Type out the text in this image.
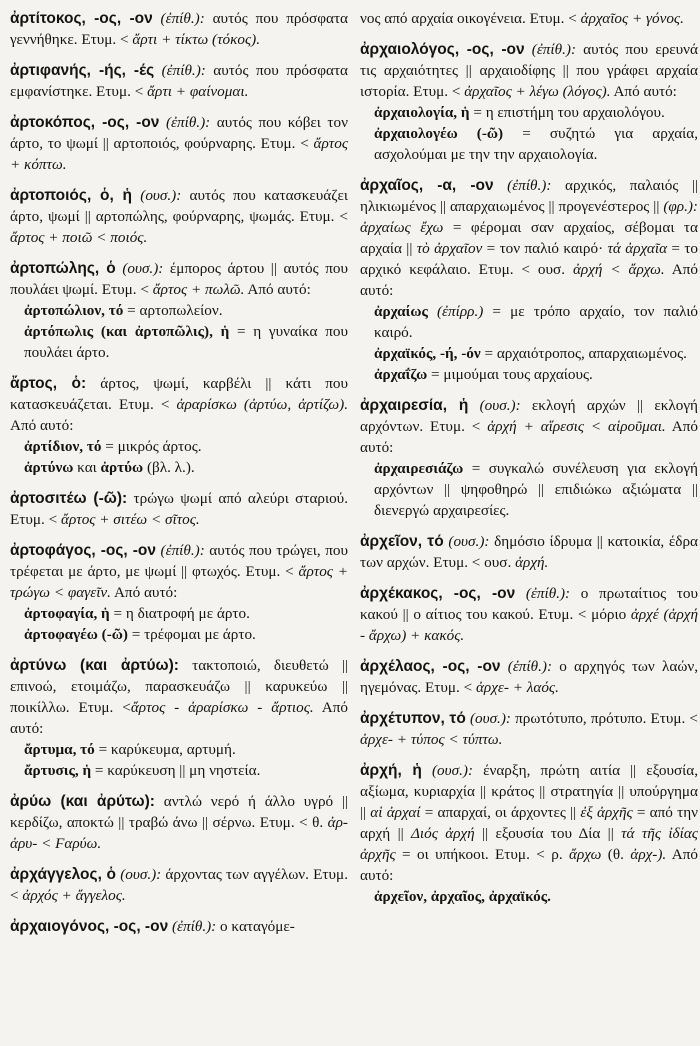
ἀρτίτοκος, -ος, -ον (ἐπίθ.): αυτός που πρόσφατα γεννήθηκε. Ετυμ. < ἄρτι + τίκτω (τόκος).
ἀρτιφανής, -ής, -ές (ἐπίθ.): αυτός που πρόσφατα εμφανίστηκε. Ετυμ. < ἄρτι + φαίνομαι.
ἀρτοκόπος, -ος, -ον (ἐπίθ.): αυτός που κόβει τον άρτο, το ψωμί || αρτοποιός, φούρναρης. Ετυμ. < ἄρτος + κόπτω.
ἀρτοποιός, ὁ, ἡ (ουσ.): αυτός που κατασκευάζει άρτο, ψωμί || αρτοπώλης, φούρναρης, ψωμάς. Ετυμ. < ἄρτος + ποιῶ < ποιός.
ἀρτοπώλης, ὁ (ουσ.): έμπορος άρτου || αυτός που πουλάει ψωμί. Ετυμ. < ἄρτος + πωλῶ. Από αυτό:
ἀρτοπώλιον, τό = αρτοπωλείον.
ἀρτόπωλις (και ἀρτοπῶλις), ἡ = η γυναίκα που πουλάει άρτο.
ἄρτος, ὁ: άρτος, ψωμί, καρβέλι || κάτι που κατασκευάζεται. Ετυμ. < ἀραρίσκω (ἀρτύω, ἀρτίζω). Από αυτό:
ἀρτίδιον, τό = μικρός άρτος.
ἀρτύνω και ἀρτύω (βλ. λ.).
ἀρτοσιτέω (-ῶ): τρώγω ψωμί από αλεύρι σταριού. Ετυμ. < ἄρτος + σιτέω < σῖτος.
ἀρτοφάγος, -ος, -ον (ἐπίθ.): αυτός που τρώγει, που τρέφεται με άρτο, με ψωμί || φτωχός. Ετυμ. < ἄρτος + τρώγω < φαγεῖν. Από αυτό:
ἀρτοφαγία, ἡ = η διατροφή με άρτο.
ἀρτοφαγέω (-ῶ) = τρέφομαι με άρτο.
ἀρτύνω (και ἀρτύω): τακτοποιώ, διευθετώ || επινοώ, ετοιμάζω, παρασκευάζω || καρυκεύω || ποικίλλω. Ετυμ. <ἄρτος - ἀραρίσκω - ἄρτιος. Από αυτό:
ἄρτυμα, τό = καρύκευμα, αρτυμή.
ἄρτυσις, ἡ = καρύκευση || μη νηστεία.
ἀρύω (και ἀρύτω): αντλώ νερό ή άλλο υγρό || κερδίζω, αποκτώ || τραβώ άνω || σέρνω. Ετυμ. < θ. ἀρ-ἀρυ- < Ϝαρύω.
ἀρχάγγελος, ὁ (ουσ.): άρχοντας των αγγέλων. Ετυμ. < ἀρχός + ἄγγελος.
ἀρχαιογόνος, -ος, -ον (ἐπίθ.): ο καταγόμε-
νος από αρχαία οικογένεια. Ετυμ. < ἀρχαῖος + γόνος.
ἀρχαιολόγος, -ος, -ον (ἐπίθ.): αυτός που ερευνά τις αρχαιότητες || αρχαιοδίφης || που γράφει αρχαία ιστορία. Ετυμ. < ἀρχαῖος + λέγω (λόγος). Από αυτό:
ἀρχαιολογία, ἡ = η επιστήμη του αρχαιολόγου.
ἀρχαιολογέω (-ῶ) = συζητώ για αρχαία, ασχολούμαι με την την αρχαιολογία.
ἀρχαῖος, -α, -ον (ἐπίθ.): αρχικός, παλαιός || ηλικιωμένος || απαρχαιωμένος || προγενέστερος || (φρ.): ἀρχαίως ἔχω = φέρομαι σαν αρχαίος, σέβομαι τα αρχαία || τὸ ἀρχαῖον = τον παλιό καιρό· τά ἀρχαῖα = το αρχικό κεφάλαιο. Ετυμ. < ουσ. ἀρχή < ἄρχω. Από αυτό:
ἀρχαίως (ἐπίρρ.) = με τρόπο αρχαίο, τον παλιό καιρό.
ἀρχαϊκός, -ή, -όν = αρχαιότροπος, απαρχαιωμένος.
ἀρχαΐζω = μιμούμαι τους αρχαίους.
ἀρχαιρεσία, ἡ (ουσ.): εκλογή αρχών || εκλογή αρχόντων. Ετυμ. < ἀρχή + αἵρεσις < αἱροῦμαι. Από αυτό:
ἀρχαιρεσιάζω = συγκαλώ συνέλευση για εκλογή αρχόντων || ψηφοθηρώ || επιδιώκω αξιώματα || διενεργώ αρχαιρεσίες.
ἀρχεῖον, τό (ουσ.): δημόσιο ίδρυμα || κατοικία, έδρα των αρχών. Ετυμ. < ουσ. ἀρχή.
ἀρχέκακος, -ος, -ον (ἐπίθ.): ο πρωταίτιος του κακού || ο αίτιος του κακού. Ετυμ. < μόριο ἀρχέ (ἀρχή - ἄρχω) + κακός.
ἀρχέλαος, -ος, -ον (ἐπίθ.): ο αρχηγός των λαών, ηγεμόνας. Ετυμ. < ἀρχε- + λαός.
ἀρχέτυπον, τό (ουσ.): πρωτότυπο, πρότυπο. Ετυμ. < ἀρχε- + τύπος < τύπτω.
ἀρχή, ἡ (ουσ.): έναρξη, πρώτη αιτία || εξουσία, αξίωμα, κυριαρχία || κράτος || στρατηγία || υπούργημα || αἱ ἀρχαί = απαρχαί, οι άρχοντες || ἐξ ἀρχῆς = από την αρχή || Διός ἀρχή || εξουσία του Δία || τά τῆς ἰδίας ἀρχῆς = οι υπήκοοι. Ετυμ. < ρ. ἄρχω (θ. ἀρχ-). Από αυτό:
ἀρχεῖον, ἀρχαῖος, ἀρχαϊκός.
